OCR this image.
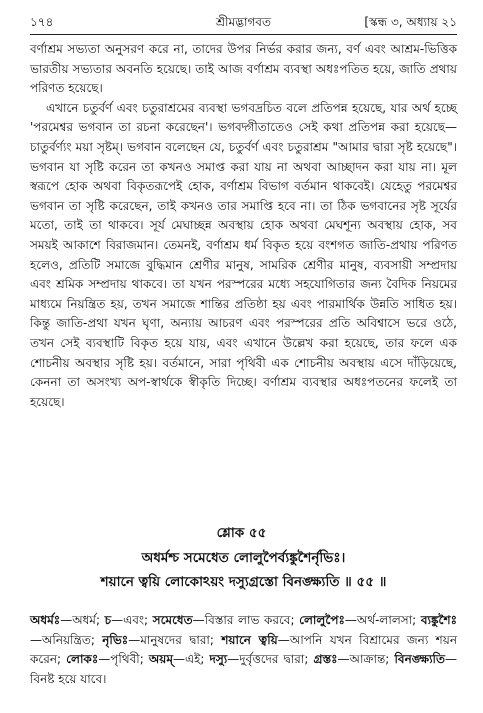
১৭৪	শ্রীমদ্ভাগবত	[স্কন্ধ ৩, অধ্যায় ২১

বর্ণাশ্রম সভ্যতা অনুসরণ করে না, তাদের উপর নির্ভর করার জন্য, বর্ণ এবং আশ্রম-ভিত্তিক ভারতীয় সভ্যতার অবনতি হয়েছে। তাই আজ বর্ণাশ্রম ব্যবস্থা অধঃপতিত হয়ে, জাতি প্রথায় পরিণত হয়েছে।

এখানে চতুর্বর্ণ এবং চতুরাশ্রমের ব্যবস্থা ভগবদ্রচিত বলে প্রতিপন্ন হয়েছে, যার অর্থ হচ্ছে 'পরমেশ্বর ভগবান তা রচনা করেছেন'। ভগবদ্গীতাতেও সেই কথা প্রতিপন্ন করা হয়েছে—চাতুর্বর্ণ্যং ময়া সৃষ্টম্। ভগবান বলেছেন যে, চতুর্বর্ণ এবং চতুরাশ্রম "আমার দ্বারা সৃষ্ট হয়েছে"। ভগবান যা সৃষ্টি করেন তা কখনও সমাপ্ত করা যায় না অথবা আচ্ছাদন করা যায় না। মূল স্বরূপে হোক অথবা বিকৃতরূপেই হোক, বর্ণাশ্রম বিভাগ বর্তমান থাকবেই। যেহেতু পরমেশ্বর ভগবান তা সৃষ্টি করেছেন, তাই কখনও তার সমাপ্তি হবে না। তা ঠিক ভগবানের সৃষ্ট সূর্যের মতো, তাই তা থাকবে। সূর্য মেঘাচ্ছন্ন অবস্থায় হোক অথবা মেঘশূন্য অবস্থায় হোক, সব সময়ই আকাশে বিরাজমান। তেমনই, বর্ণাশ্রম ধর্ম বিকৃত হয়ে বংশগত জাতি-প্রথায় পরিণত হলেও, প্রতিটি সমাজে বুদ্ধিমান শ্রেণীর মানুষ, সামরিক শ্রেণীর মানুষ, ব্যবসায়ী সম্প্রদায় এবং শ্রমিক সম্প্রদায় থাকবে। তা যখন পরস্পরের মধ্যে সহযোগিতার জন্য বৈদিক নিয়মের মাধ্যমে নিয়ন্ত্রিত হয়, তখন সমাজে শান্তির প্রতিষ্ঠা হয় এবং পারমার্থিক উন্নতি সাধিত হয়। কিন্তু জাতি-প্রথা যখন ঘৃণা, অন্যায় আচরণ এবং পরস্পরের প্রতি অবিশ্বাসে ভরে ওঠে, তখন সেই ব্যবস্থাটি বিকৃত হয়ে যায়, এবং এখানে উল্লেখ করা হয়েছে, তার ফলে এক শোচনীয় অবস্থার সৃষ্টি হয়। বর্তমানে, সারা পৃথিবী এক শোচনীয় অবস্থায় এসে দাঁড়িয়েছে, কেননা তা অসংখ্য অপ-স্বার্থকে স্বীকৃতি দিচ্ছে। বর্ণাশ্রম ব্যবস্থার অধঃপতনের ফলেই তা হয়েছে।

শ্লোক ৫৫
অধর্মশ্চ সমেধেত লোলুপৈর্ব্যঙ্কুশৈর্নৃভিঃ।
শয়ানে ত্বয়ি লোকোঽয়ং দস্যুগ্রস্তো বিনঙ্ক্ষ্যতি ॥ ৫৫ ॥
অধর্মঃ—অধর্ম; চ—এবং; সমেধেত—বিস্তার লাভ করবে; লোলুপৈঃ—অর্থ-লালসা; ব্যঙ্কুশৈঃ—অনিয়ন্ত্রিত; নৃভিঃ—মানুষদের দ্বারা; শয়ানে ত্বয়ি—আপনি যখন বিশ্রামের জন্য শয়ন করেন; লোকঃ—পৃথিবী; অয়ম্—এই; দস্যু—দুর্বৃত্তদের দ্বারা; গ্রস্তঃ—আক্রান্ত; বিনঙ্ক্ষ্যতি—বিনষ্ট হয়ে যাবে।
